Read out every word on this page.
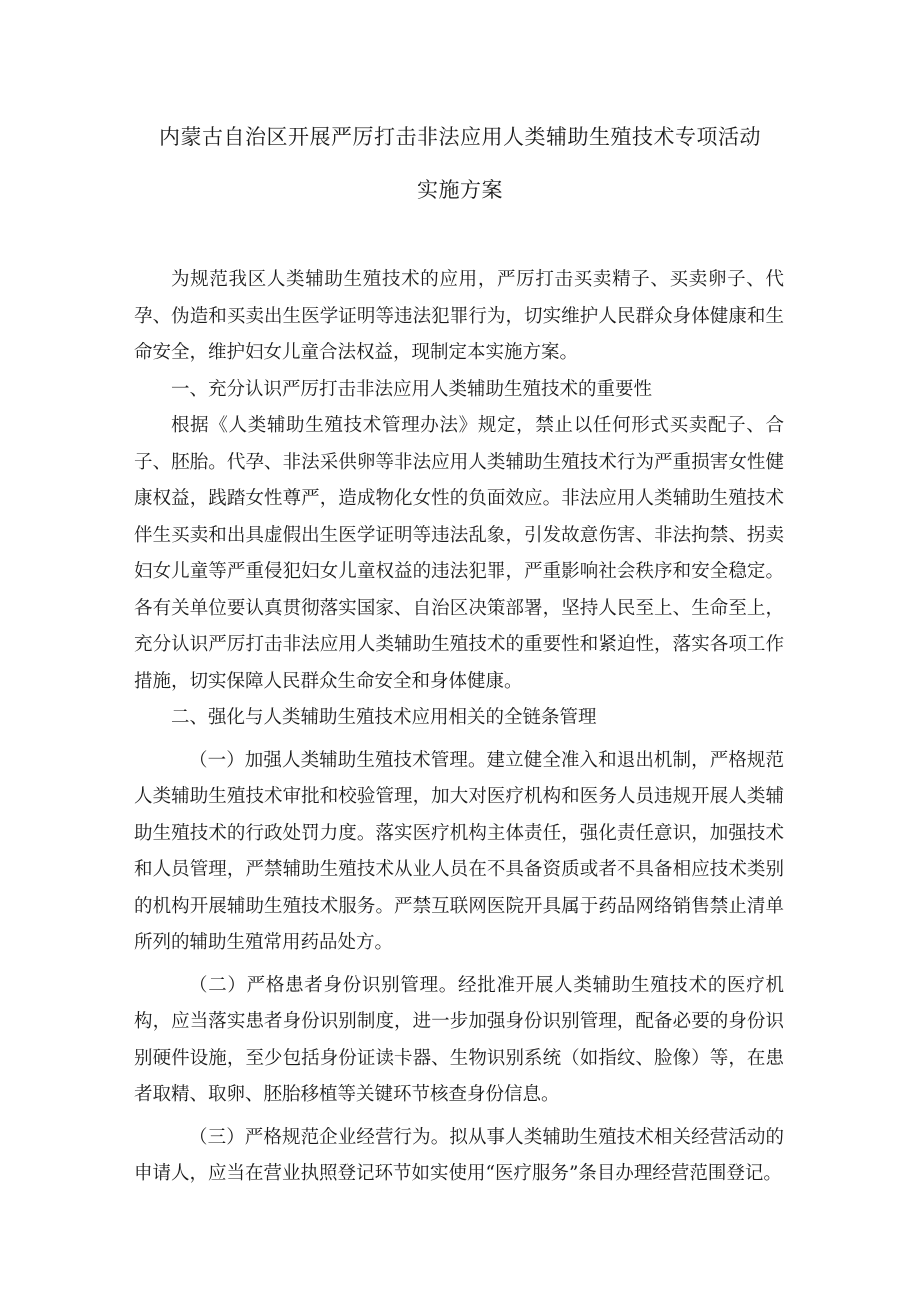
内蒙古自治区开展严厉打击非法应用人类辅助生殖技术专项活动
实施方案

为规范我区人类辅助生殖技术的应用，严厉打击买卖精子、买卖卵子、代孕、伪造和买卖出生医学证明等违法犯罪行为，切实维护人民群众身体健康和生命安全，维护妇女儿童合法权益，现制定本实施方案。

一、充分认识严厉打击非法应用人类辅助生殖技术的重要性

根据《人类辅助生殖技术管理办法》规定，禁止以任何形式买卖配子、合子、胚胎。代孕、非法采供卵等非法应用人类辅助生殖技术行为严重损害女性健康权益，践踏女性尊严，造成物化女性的负面效应。非法应用人类辅助生殖技术伴生买卖和出具虚假出生医学证明等违法乱象，引发故意伤害、非法拘禁、拐卖妇女儿童等严重侵犯妇女儿童权益的违法犯罪，严重影响社会秩序和安全稳定。各有关单位要认真贯彻落实国家、自治区决策部署，坚持人民至上、生命至上，充分认识严厉打击非法应用人类辅助生殖技术的重要性和紧迫性，落实各项工作措施，切实保障人民群众生命安全和身体健康。

二、强化与人类辅助生殖技术应用相关的全链条管理

（一）加强人类辅助生殖技术管理。建立健全准入和退出机制，严格规范人类辅助生殖技术审批和校验管理，加大对医疗机构和医务人员违规开展人类辅助生殖技术的行政处罚力度。落实医疗机构主体责任，强化责任意识，加强技术和人员管理，严禁辅助生殖技术从业人员在不具备资质或者不具备相应技术类别的机构开展辅助生殖技术服务。严禁互联网医院开具属于药品网络销售禁止清单所列的辅助生殖常用药品处方。

（二）严格患者身份识别管理。经批准开展人类辅助生殖技术的医疗机构，应当落实患者身份识别制度，进一步加强身份识别管理，配备必要的身份识别硬件设施，至少包括身份证读卡器、生物识别系统（如指纹、脸像）等，在患者取精、取卵、胚胎移植等关键环节核查身份信息。

（三）严格规范企业经营行为。拟从事人类辅助生殖技术相关经营活动的申请人，应当在营业执照登记环节如实使用“医疗服务”条目办理经营范围登记。
